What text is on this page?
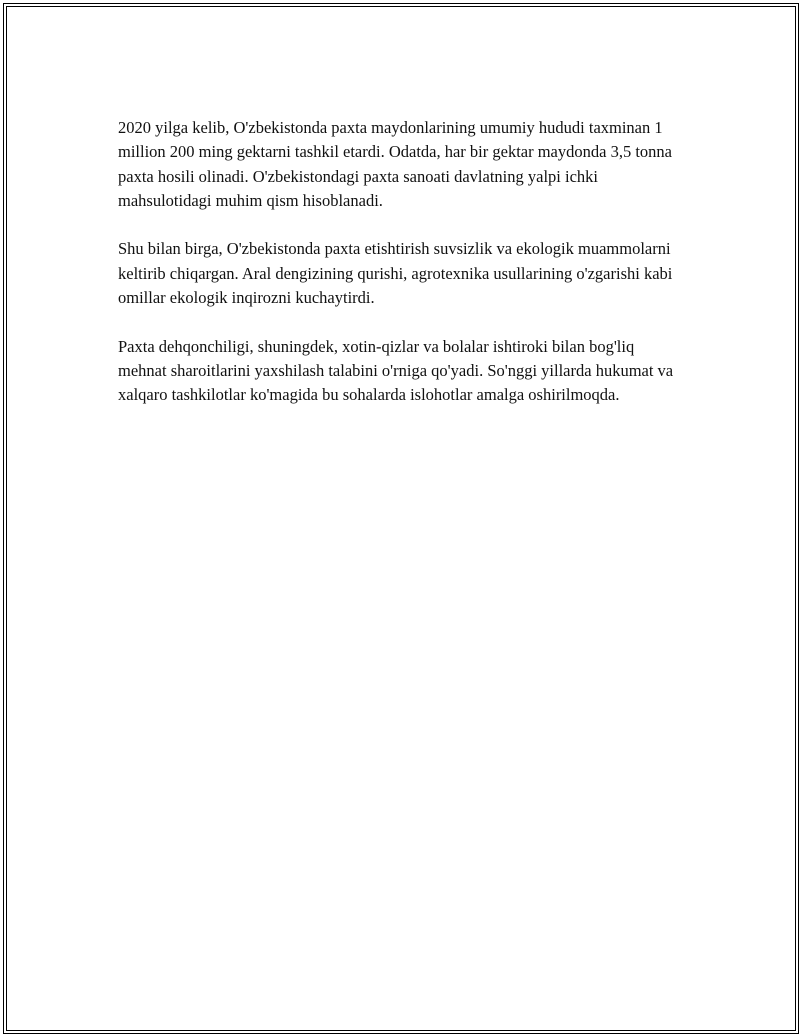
2020 yilga kelib, O'zbekistonda paxta maydonlarining umumiy hududi taxminan 1 million 200 ming gektarni tashkil etardi. Odatda, har bir gektar maydonda 3,5 tonna paxta hosili olinadi. O'zbekistondagi paxta sanoati davlatning yalpi ichki mahsulotidagi muhim qism hisoblanadi.

Shu bilan birga, O'zbekistonda paxta etishtirish suvsizlik va ekologik muammolarni keltirib chiqargan. Aral dengizining qurishi, agrotexnika usullarining o'zgarishi kabi omillar ekologik inqirozni kuchaytirdi.

Paxta dehqonchiligi, shuningdek, xotin-qizlar va bolalar ishtiroki bilan bog'liq mehnat sharoitlarini yaxshilash talabini o'rniga qo'yadi. So'nggi yillarda hukumat va xalqaro tashkilotlar ko'magida bu sohalarda islohotlar amalga oshirilmoqda.
